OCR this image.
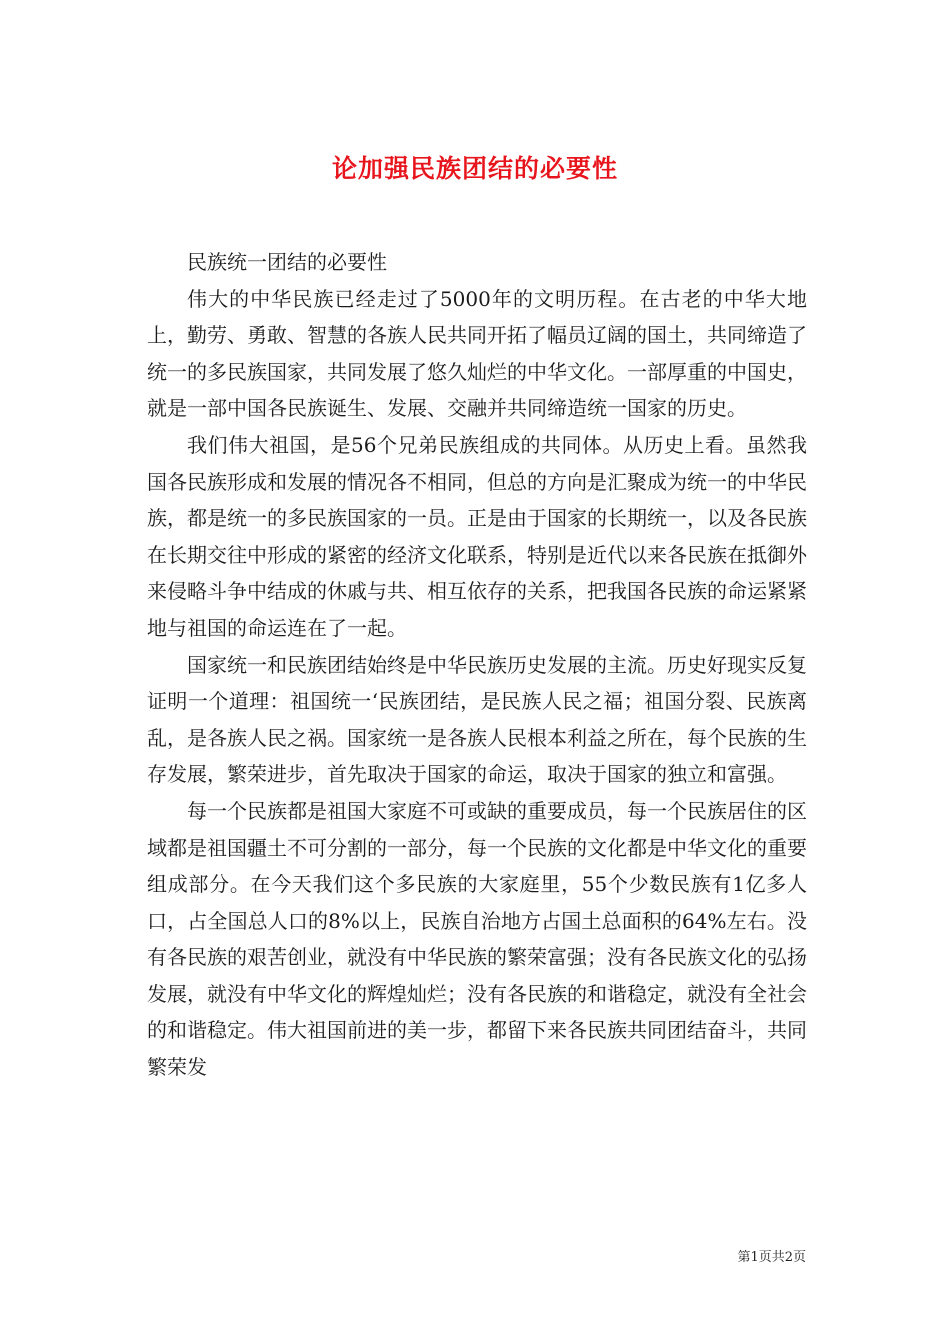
论加强民族团结的必要性

民族统一团结的必要性

伟大的中华民族已经走过了5000年的文明历程。在古老的中华大地上，勤劳、勇敢、智慧的各族人民共同开拓了幅员辽阔的国土，共同缔造了统一的多民族国家，共同发展了悠久灿烂的中华文化。一部厚重的中国史，就是一部中国各民族诞生、发展、交融并共同缔造统一国家的历史。

我们伟大祖国，是56个兄弟民族组成的共同体。从历史上看。虽然我国各民族形成和发展的情况各不相同，但总的方向是汇聚成为统一的中华民族，都是统一的多民族国家的一员。正是由于国家的长期统一，以及各民族在长期交往中形成的紧密的经济文化联系，特别是近代以来各民族在抵御外来侵略斗争中结成的休戚与共、相互依存的关系，把我国各民族的命运紧紧地与祖国的命运连在了一起。

国家统一和民族团结始终是中华民族历史发展的主流。历史好现实反复证明一个道理：祖国统一‘民族团结，是民族人民之福；祖国分裂、民族离乱，是各族人民之祸。国家统一是各族人民根本利益之所在，每个民族的生存发展，繁荣进步，首先取决于国家的命运，取决于国家的独立和富强。

每一个民族都是祖国大家庭不可或缺的重要成员，每一个民族居住的区域都是祖国疆土不可分割的一部分，每一个民族的文化都是中华文化的重要组成部分。在今天我们这个多民族的大家庭里，55个少数民族有1亿多人口，占全国总人口的8%以上，民族自治地方占国土总面积的64%左右。没有各民族的艰苦创业，就没有中华民族的繁荣富强；没有各民族文化的弘扬发展，就没有中华文化的辉煌灿烂；没有各民族的和谐稳定，就没有全社会的和谐稳定。伟大祖国前进的美一步，都留下来各民族共同团结奋斗，共同繁荣发

第1页共2页
